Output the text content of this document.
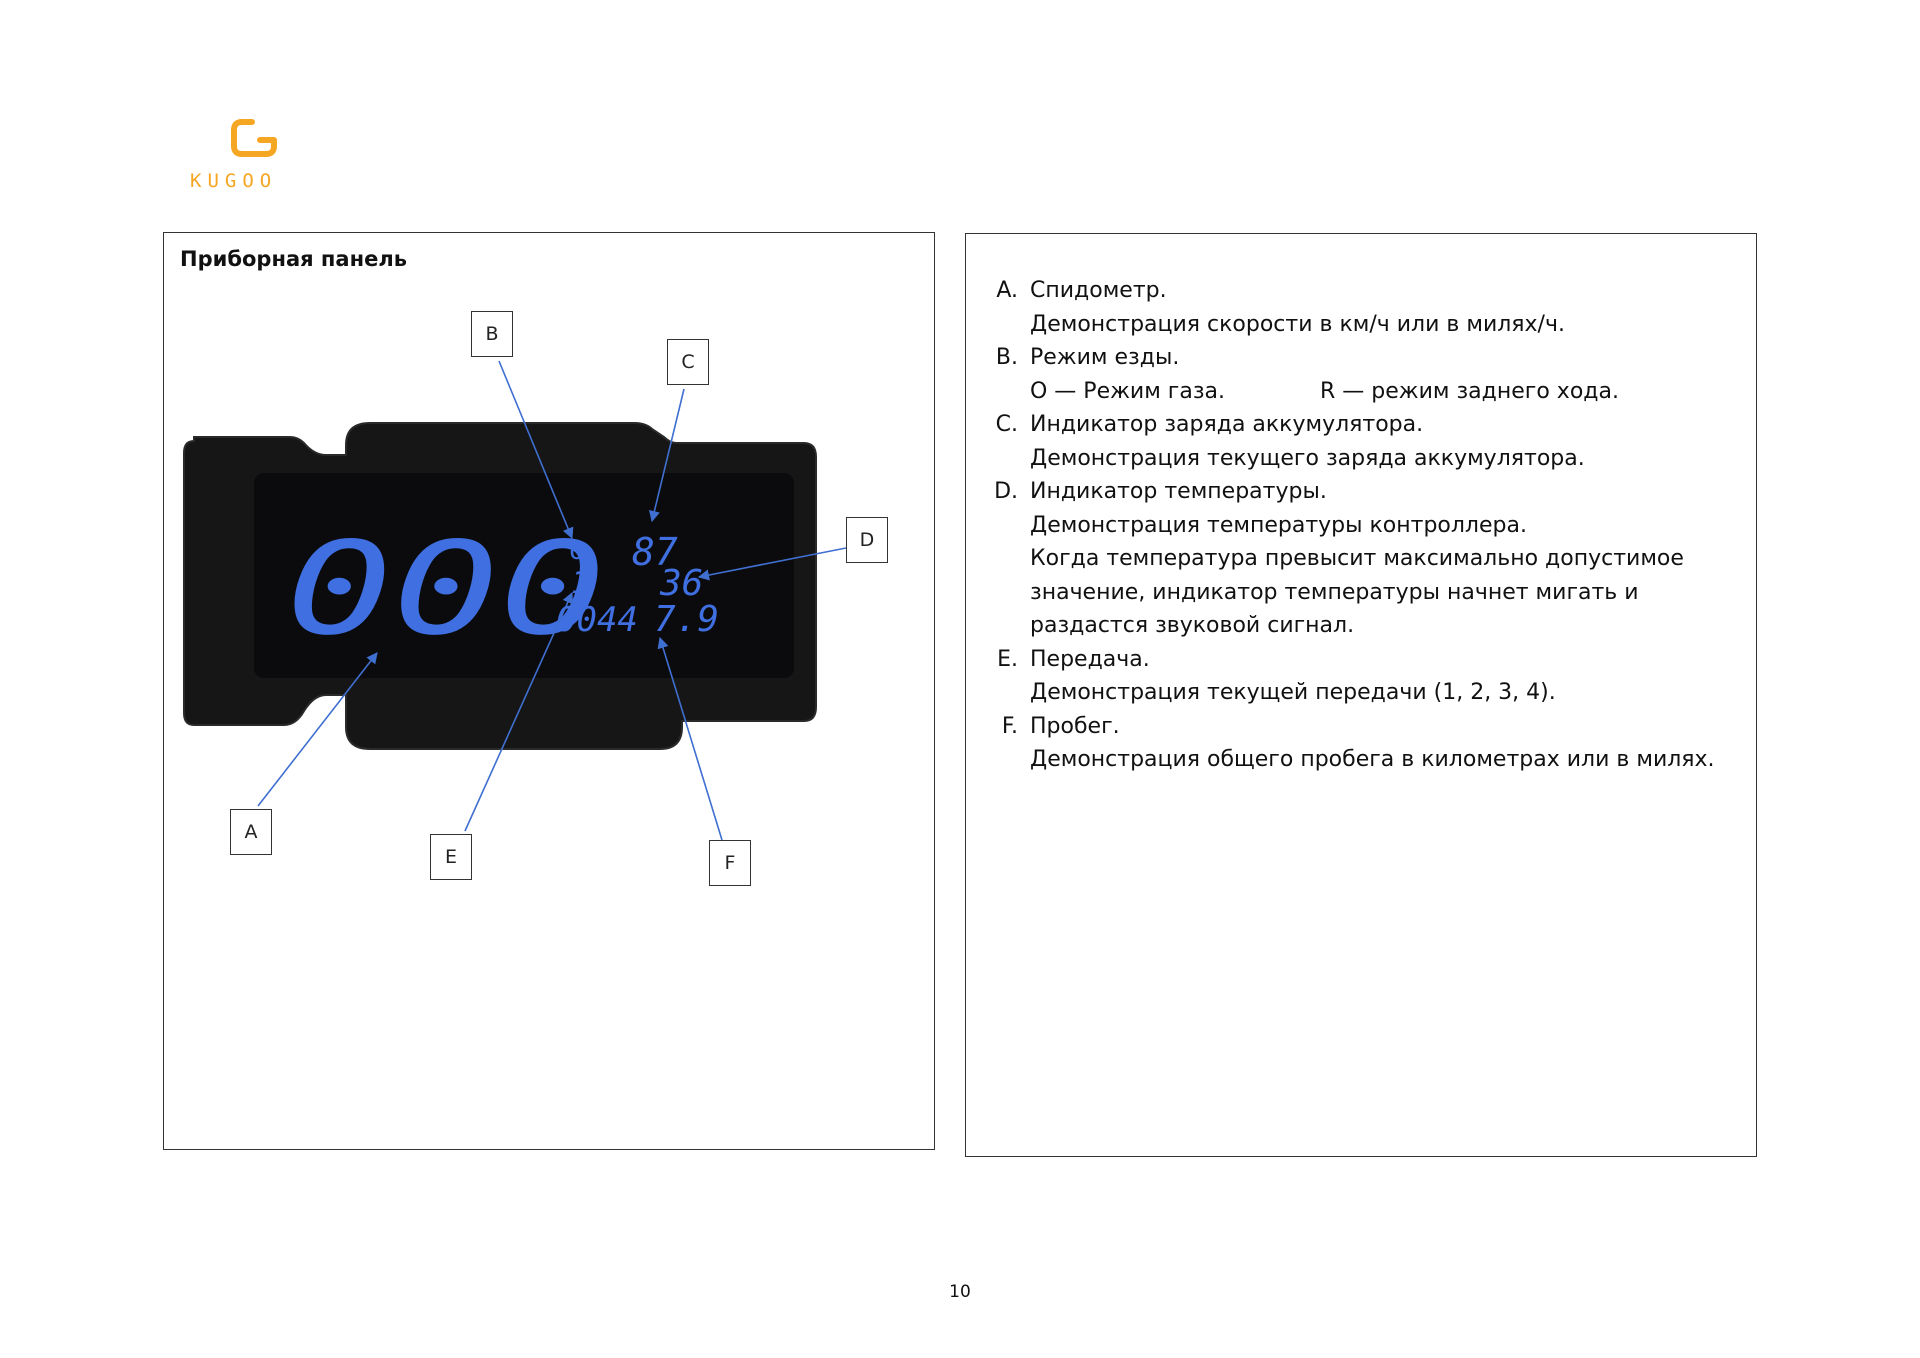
KUGOO
Приборная панель
000
o 87
1 36
0044 7.9
B
C
D
A
E	F
A. Спидометр.
Демонстрация скорости в км/ч или в милях/ч.
B. Режим езды.
O — Режим газа.	R — режим заднего хода.
C. Индикатор заряда аккумулятора.
Демонстрация текущего заряда аккумулятора.
D. Индикатор температуры.
Демонстрация температуры контроллера.
Когда температура превысит максимально допустимое
значение, индикатор температуры начнет мигать и
раздастся звуковой сигнал.
E. Передача.
Демонстрация текущей передачи (1, 2, 3, 4).
F. Пробег.
Демонстрация общего пробега в километрах или в милях.
10
